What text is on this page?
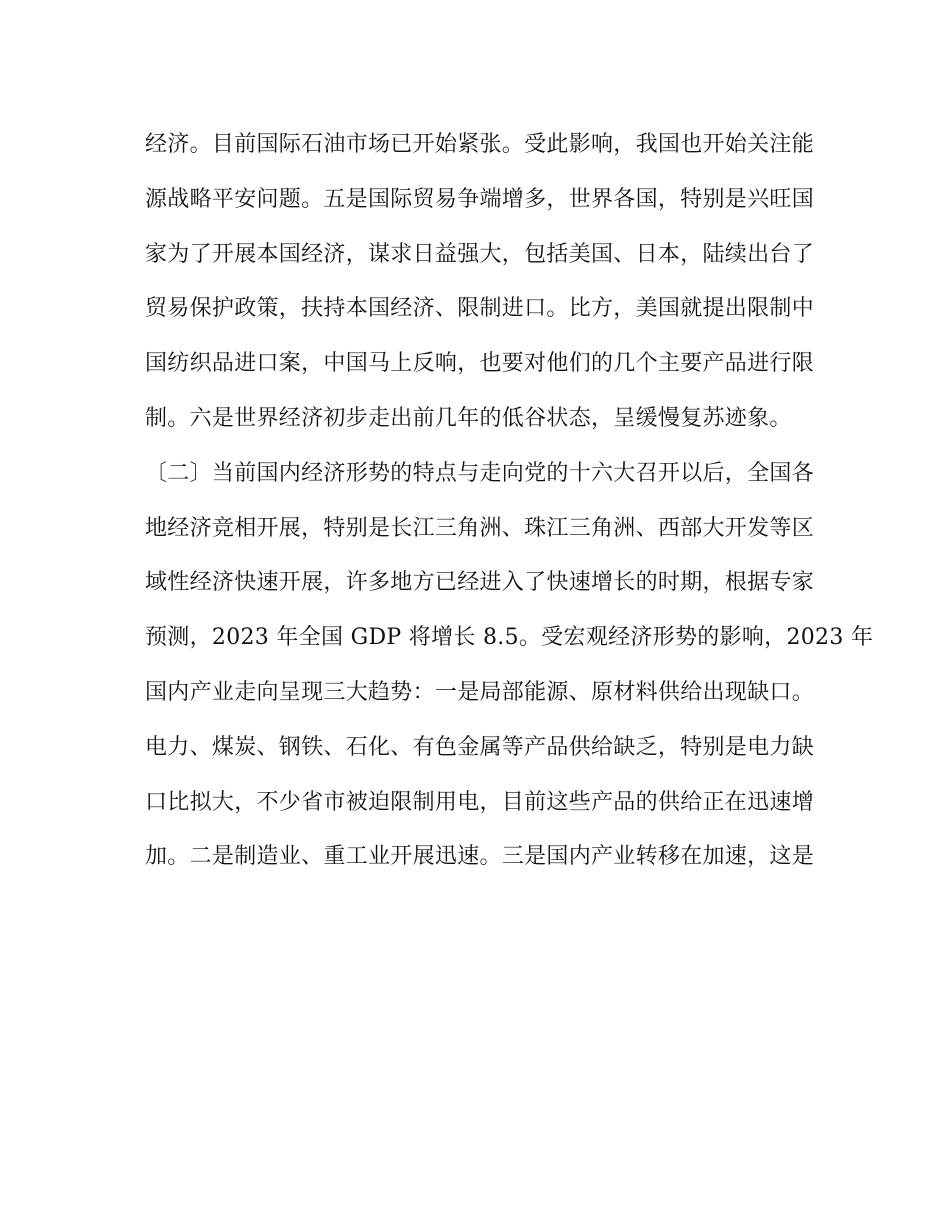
经济。目前国际石油市场已开始紧张。受此影响，我国也开始关注能
源战略平安问题。五是国际贸易争端增多，世界各国，特别是兴旺国
家为了开展本国经济，谋求日益强大，包括美国、日本，陆续出台了
贸易保护政策，扶持本国经济、限制进口。比方，美国就提出限制中
国纺织品进口案，中国马上反响，也要对他们的几个主要产品进行限
制。六是世界经济初步走出前几年的低谷状态，呈缓慢复苏迹象。
〔二〕当前国内经济形势的特点与走向党的十六大召开以后，全国各
地经济竞相开展，特别是长江三角洲、珠江三角洲、西部大开发等区
域性经济快速开展，许多地方已经进入了快速增长的时期，根据专家
预测，2023 年全国 GDP 将增长 8.5。受宏观经济形势的影响，2023 年
国内产业走向呈现三大趋势：一是局部能源、原材料供给出现缺口。
电力、煤炭、钢铁、石化、有色金属等产品供给缺乏，特别是电力缺
口比拟大，不少省市被迫限制用电，目前这些产品的供给正在迅速增
加。二是制造业、重工业开展迅速。三是国内产业转移在加速，这是
